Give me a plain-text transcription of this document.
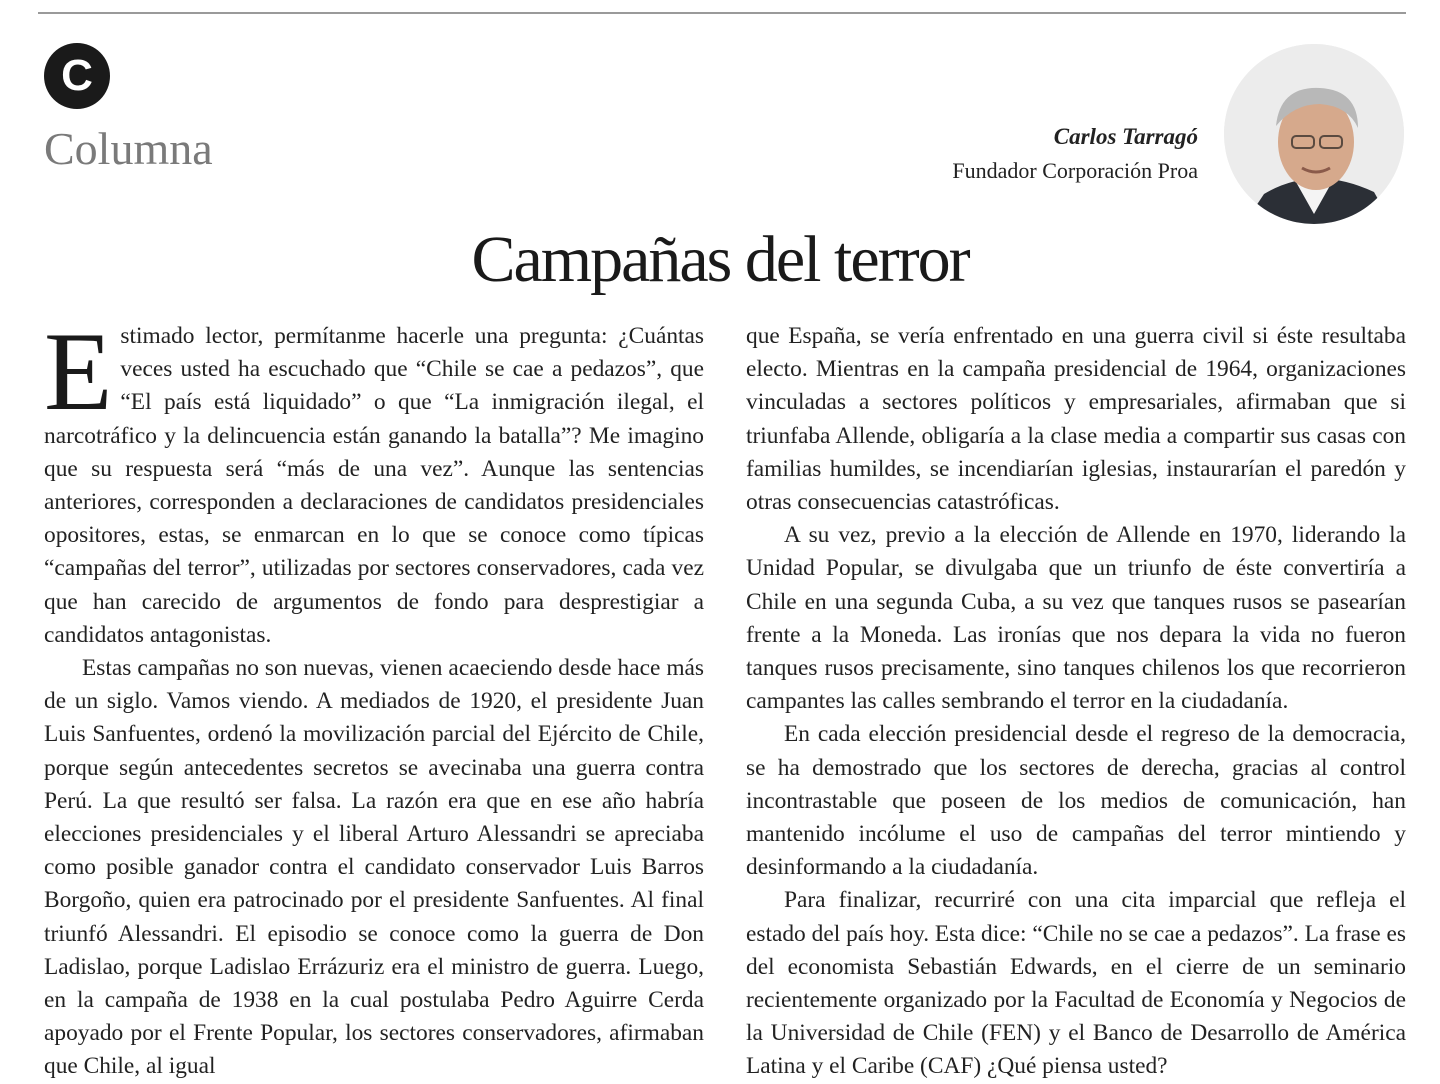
C
Columna	Carlos Tarragó
Fundador Corporación Proa
Campañas del terror

Estimado lector, permítanme hacerle una pregunta: ¿Cuántas veces usted ha escuchado que “Chile se cae a pedazos”, que “El país está liquidado” o que “La inmigración ilegal, el narcotráfico y la delincuencia están ganando la batalla”? Me imagino que su respuesta será “más de una vez”. Aunque las sentencias anteriores, corresponden a declaraciones de candidatos presidenciales opositores, estas, se enmarcan en lo que se conoce como típicas “campañas del terror”, utilizadas por sectores conservadores, cada vez que han carecido de argumentos de fondo para desprestigiar a candidatos antagonistas.

Estas campañas no son nuevas, vienen acaeciendo desde hace más de un siglo. Vamos viendo. A mediados de 1920, el presidente Juan Luis Sanfuentes, ordenó la movilización parcial del Ejército de Chile, porque según antecedentes secretos se avecinaba una guerra contra Perú. La que resultó ser falsa. La razón era que en ese año habría elecciones presidenciales y el liberal Arturo Alessandri se apreciaba como posible ganador contra el candidato conservador Luis Barros Borgoño, quien era patrocinado por el presidente Sanfuentes. Al final triunfó Alessandri. El episodio se conoce como la guerra de Don Ladislao, porque Ladislao Errázuriz era el ministro de guerra. Luego, en la campaña de 1938 en la cual postulaba Pedro Aguirre Cerda apoyado por el Frente Popular, los sectores conservadores, afirmaban que Chile, al igual

que España, se vería enfrentado en una guerra civil si éste resultaba electo. Mientras en la campaña presidencial de 1964, organizaciones vinculadas a sectores políticos y empresariales, afirmaban que si triunfaba Allende, obligaría a la clase media a compartir sus casas con familias humildes, se incendiarían iglesias, instaurarían el paredón y otras consecuencias catastróficas.

A su vez, previo a la elección de Allende en 1970, liderando la Unidad Popular, se divulgaba que un triunfo de éste convertiría a Chile en una segunda Cuba, a su vez que tanques rusos se pasearían frente a la Moneda. Las ironías que nos depara la vida no fueron tanques rusos precisamente, sino tanques chilenos los que recorrieron campantes las calles sembrando el terror en la ciudadanía.

En cada elección presidencial desde el regreso de la democracia, se ha demostrado que los sectores de derecha, gracias al control incontrastable que poseen de los medios de comunicación, han mantenido incólume el uso de campañas del terror mintiendo y desinformando a la ciudadanía.

Para finalizar, recurriré con una cita imparcial que refleja el estado del país hoy. Esta dice: “Chile no se cae a pedazos”. La frase es del economista Sebastián Edwards, en el cierre de un seminario recientemente organizado por la Facultad de Economía y Negocios de la Universidad de Chile (FEN) y el Banco de Desarrollo de América Latina y el Caribe (CAF) ¿Qué piensa usted?
